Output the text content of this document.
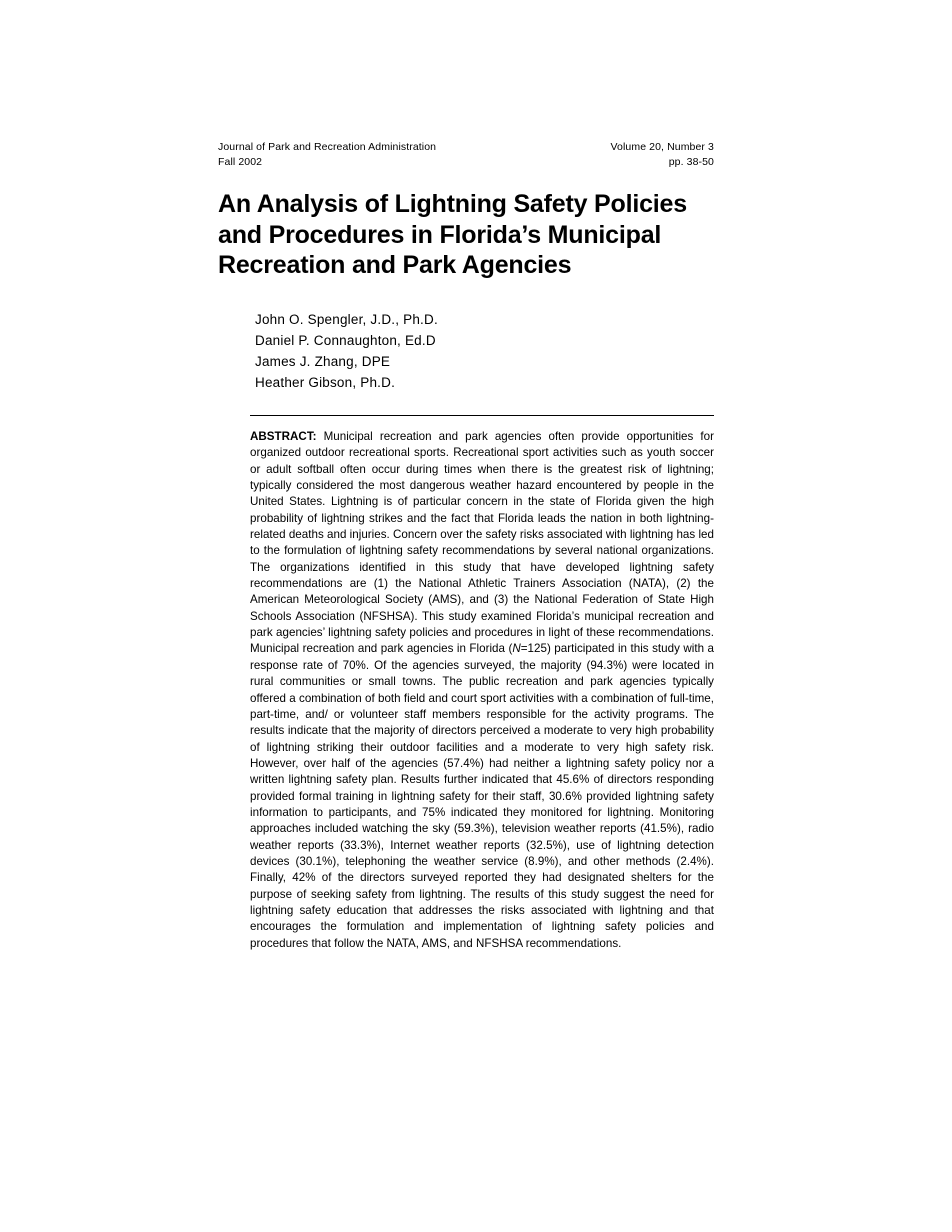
Journal of Park and Recreation Administration
Fall 2002
Volume 20, Number 3
pp. 38-50
An Analysis of Lightning Safety Policies and Procedures in Florida’s Municipal Recreation and Park Agencies
John O. Spengler, J.D., Ph.D.
Daniel P. Connaughton, Ed.D
James J. Zhang, DPE
Heather Gibson, Ph.D.
ABSTRACT: Municipal recreation and park agencies often provide opportunities for organized outdoor recreational sports. Recreational sport activities such as youth soccer or adult softball often occur during times when there is the greatest risk of lightning; typically considered the most dangerous weather hazard encountered by people in the United States. Lightning is of particular concern in the state of Florida given the high probability of lightning strikes and the fact that Florida leads the nation in both lightning-related deaths and injuries. Concern over the safety risks associated with lightning has led to the formulation of lightning safety recommendations by several national organizations. The organizations identified in this study that have developed lightning safety recommendations are (1) the National Athletic Trainers Association (NATA), (2) the American Meteorological Society (AMS), and (3) the National Federation of State High Schools Association (NFSHSA). This study examined Florida’s municipal recreation and park agencies’ lightning safety policies and procedures in light of these recommendations. Municipal recreation and park agencies in Florida (N=125) participated in this study with a response rate of 70%. Of the agencies surveyed, the majority (94.3%) were located in rural communities or small towns. The public recreation and park agencies typically offered a combination of both field and court sport activities with a combination of full-time, part-time, and/ or volunteer staff members responsible for the activity programs. The results indicate that the majority of directors perceived a moderate to very high probability of lightning striking their outdoor facilities and a moderate to very high safety risk. However, over half of the agencies (57.4%) had neither a lightning safety policy nor a written lightning safety plan. Results further indicated that 45.6% of directors responding provided formal training in lightning safety for their staff, 30.6% provided lightning safety information to participants, and 75% indicated they monitored for lightning. Monitoring approaches included watching the sky (59.3%), television weather reports (41.5%), radio weather reports (33.3%), Internet weather reports (32.5%), use of lightning detection devices (30.1%), telephoning the weather service (8.9%), and other methods (2.4%). Finally, 42% of the directors surveyed reported they had designated shelters for the purpose of seeking safety from lightning. The results of this study suggest the need for lightning safety education that addresses the risks associated with lightning and that encourages the formulation and implementation of lightning safety policies and procedures that follow the NATA, AMS, and NFSHSA recommendations.
